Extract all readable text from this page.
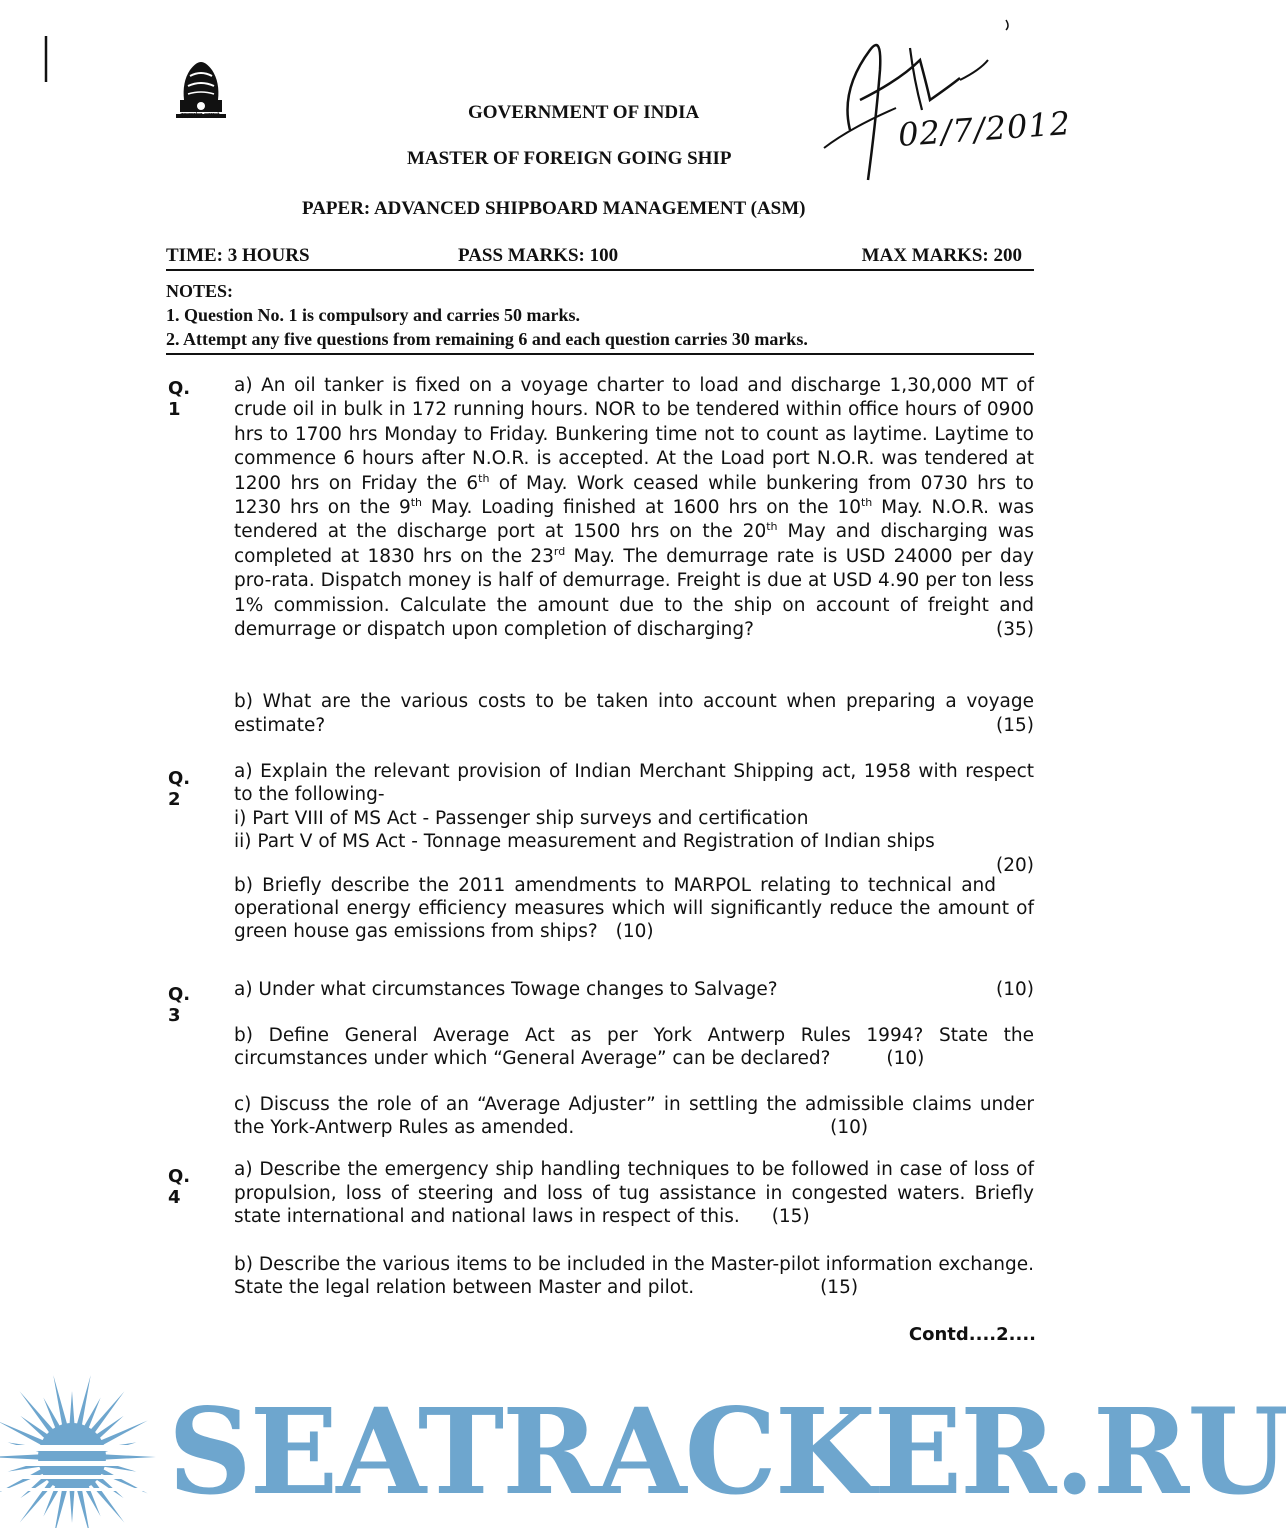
सत्यमेव जयते	02/7/2012
GOVERNMENT OF INDIA
MASTER OF FOREIGN GOING SHIP
PAPER: ADVANCED SHIPBOARD MANAGEMENT (ASM)
TIME: 3 HOURS	PASS MARKS: 100	MAX MARKS: 200
NOTES:
1. Question No. 1 is compulsory and carries 50 marks.
2. Attempt any five questions from remaining 6 and each question carries 30 marks.
Q. 1

a) An oil tanker is fixed on a voyage charter to load and discharge 1,30,000 MT of crude oil in bulk in 172 running hours. NOR to be tendered within office hours of 0900 hrs to 1700 hrs Monday to Friday. Bunkering time not to count as laytime. Laytime to commence 6 hours after N.O.R. is accepted. At the Load port N.O.R. was tendered at 1200 hrs on Friday the 6th of May. Work ceased while bunkering from 0730 hrs to 1230 hrs on the 9th May. Loading finished at 1600 hrs on the 10th May. N.O.R. was tendered at the discharge port at 1500 hrs on the 20th May and discharging was completed at 1830 hrs on the 23rd May. The demurrage rate is USD 24000 per day pro-rata. Dispatch money is half of demurrage. Freight is due at USD 4.90 per ton less 1% commission. Calculate the amount due to the ship on account of freight and demurrage or dispatch upon completion of discharging?	(35)

b) What are the various costs to be taken into account when preparing a voyage estimate?	(15)

Q. 2

a) Explain the relevant provision of Indian Merchant Shipping act, 1958 with respect to the following-

i) Part VIII of MS Act - Passenger ship surveys and certification

ii) Part V of MS Act - Tonnage measurement and Registration of Indian ships

(20)

b) Briefly describe the 2011 amendments to MARPOL relating to technical and operational energy efficiency measures which will significantly reduce the amount of green house gas emissions from ships? (10)

Q. 3

a) Under what circumstances Towage changes to Salvage?	(10)

b) Define General Average Act as per York Antwerp Rules 1994? State the circumstances under which “General Average” can be declared?	(10)

c) Discuss the role of an “Average Adjuster” in settling the admissible claims under the York-Antwerp Rules as amended.	(10)

Q. 4

a) Describe the emergency ship handling techniques to be followed in case of loss of propulsion, loss of steering and loss of tug assistance in congested waters. Briefly state international and national laws in respect of this. (15)

b) Describe the various items to be included in the Master-pilot information exchange. State the legal relation between Master and pilot.	(15)

Contd....2....
SEATRACKER.RU
